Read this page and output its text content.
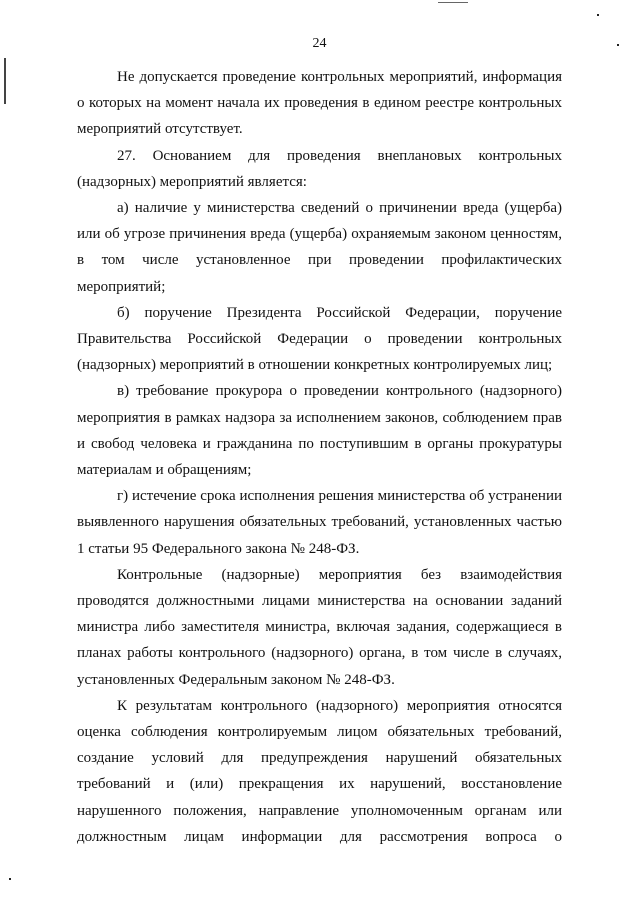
24

Не допускается проведение контрольных мероприятий, информация о которых на момент начала их проведения в едином реестре контрольных мероприятий отсутствует.

27. Основанием для проведения внеплановых контрольных (надзорных) мероприятий является:

а) наличие у министерства сведений о причинении вреда (ущерба) или об угрозе причинения вреда (ущерба) охраняемым законом ценностям, в том числе установленное при проведении профилактических мероприятий;

б) поручение Президента Российской Федерации, поручение Правительства Российской Федерации о проведении контрольных (надзорных) мероприятий в отношении конкретных контролируемых лиц;

в) требование прокурора о проведении контрольного (надзорного) мероприятия в рамках надзора за исполнением законов, соблюдением прав и свобод человека и гражданина по поступившим в органы прокуратуры материалам и обращениям;

г) истечение срока исполнения решения министерства об устранении выявленного нарушения обязательных требований, установленных частью 1 статьи 95 Федерального закона № 248-ФЗ.

Контрольные (надзорные) мероприятия без взаимодействия проводятся должностными лицами министерства на основании заданий министра либо заместителя министра, включая задания, содержащиеся в планах работы контрольного (надзорного) органа, в том числе в случаях, установленных Федеральным законом № 248-ФЗ.

К результатам контрольного (надзорного) мероприятия относятся оценка соблюдения контролируемым лицом обязательных требований, создание условий для предупреждения нарушений обязательных требований и (или) прекращения их нарушений, восстановление нарушенного положения, направление уполномоченным органам или должностным лицам информации для рассмотрения вопроса о
